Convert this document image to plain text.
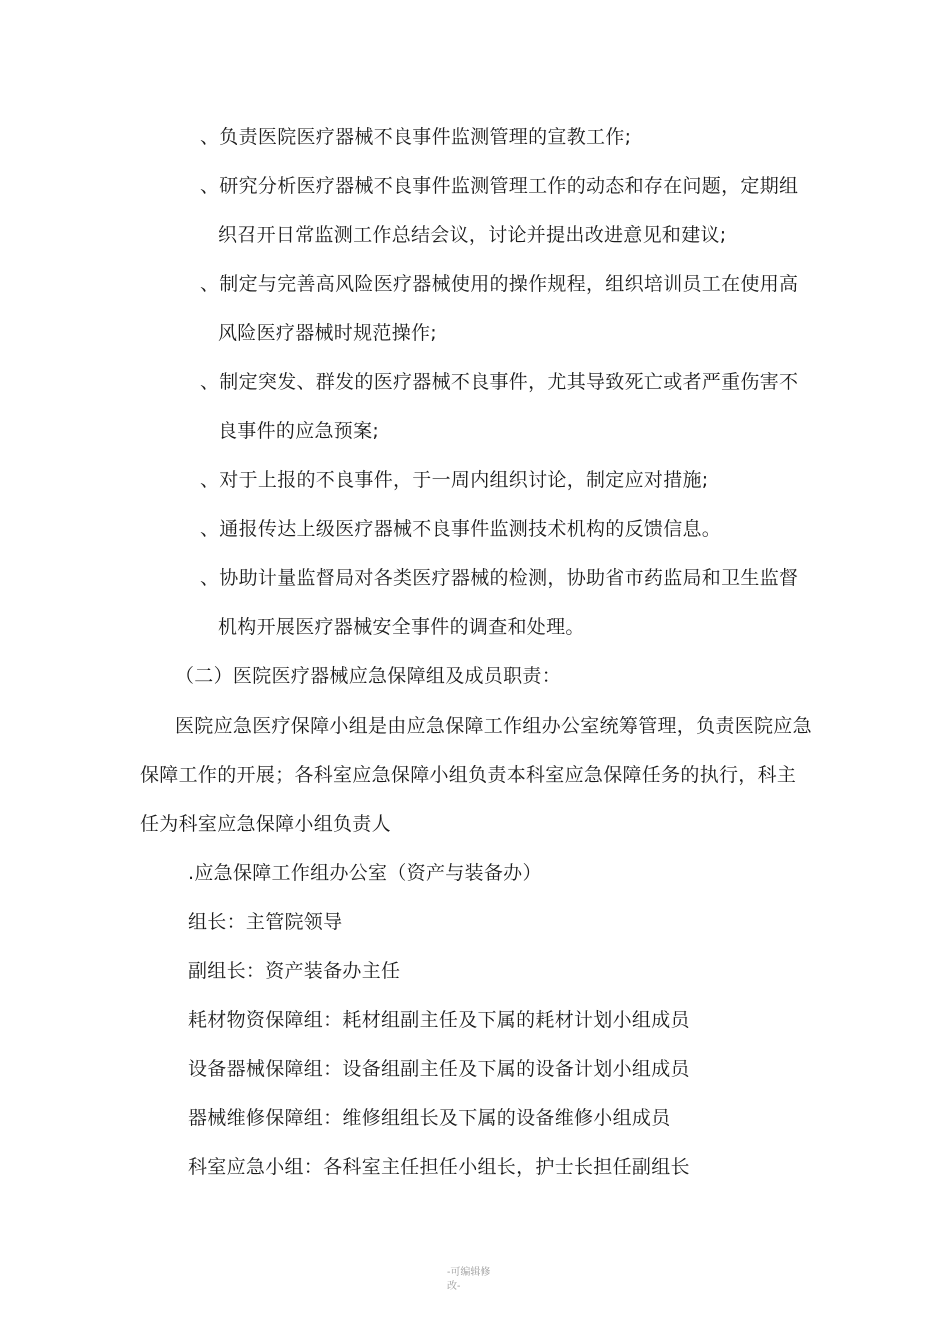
、负责医院医疗器械不良事件监测管理的宣教工作;
、研究分析医疗器械不良事件监测管理工作的动态和存在问题，定期组
织召开日常监测工作总结会议，讨论并提出改进意见和建议;
、制定与完善高风险医疗器械使用的操作规程，组织培训员工在使用高
风险医疗器械时规范操作;
、制定突发、群发的医疗器械不良事件，尤其导致死亡或者严重伤害不
良事件的应急预案;
、对于上报的不良事件，于一周内组织讨论，制定应对措施;
、通报传达上级医疗器械不良事件监测技术机构的反馈信息。
、协助计量监督局对各类医疗器械的检测，协助省市药监局和卫生监督
机构开展医疗器械安全事件的调查和处理。
（二）医院医疗器械应急保障组及成员职责：
医院应急医疗保障小组是由应急保障工作组办公室统筹管理，负责医院应急
保障工作的开展；各科室应急保障小组负责本科室应急保障任务的执行，科主
任为科室应急保障小组负责人
.应急保障工作组办公室（资产与装备办）
组长：主管院领导
副组长：资产装备办主任
耗材物资保障组：耗材组副主任及下属的耗材计划小组成员
设备器械保障组：设备组副主任及下属的设备计划小组成员
器械维修保障组：维修组组长及下属的设备维修小组成员
科室应急小组：各科室主任担任小组长，护士长担任副组长
-可编辑修
改-
